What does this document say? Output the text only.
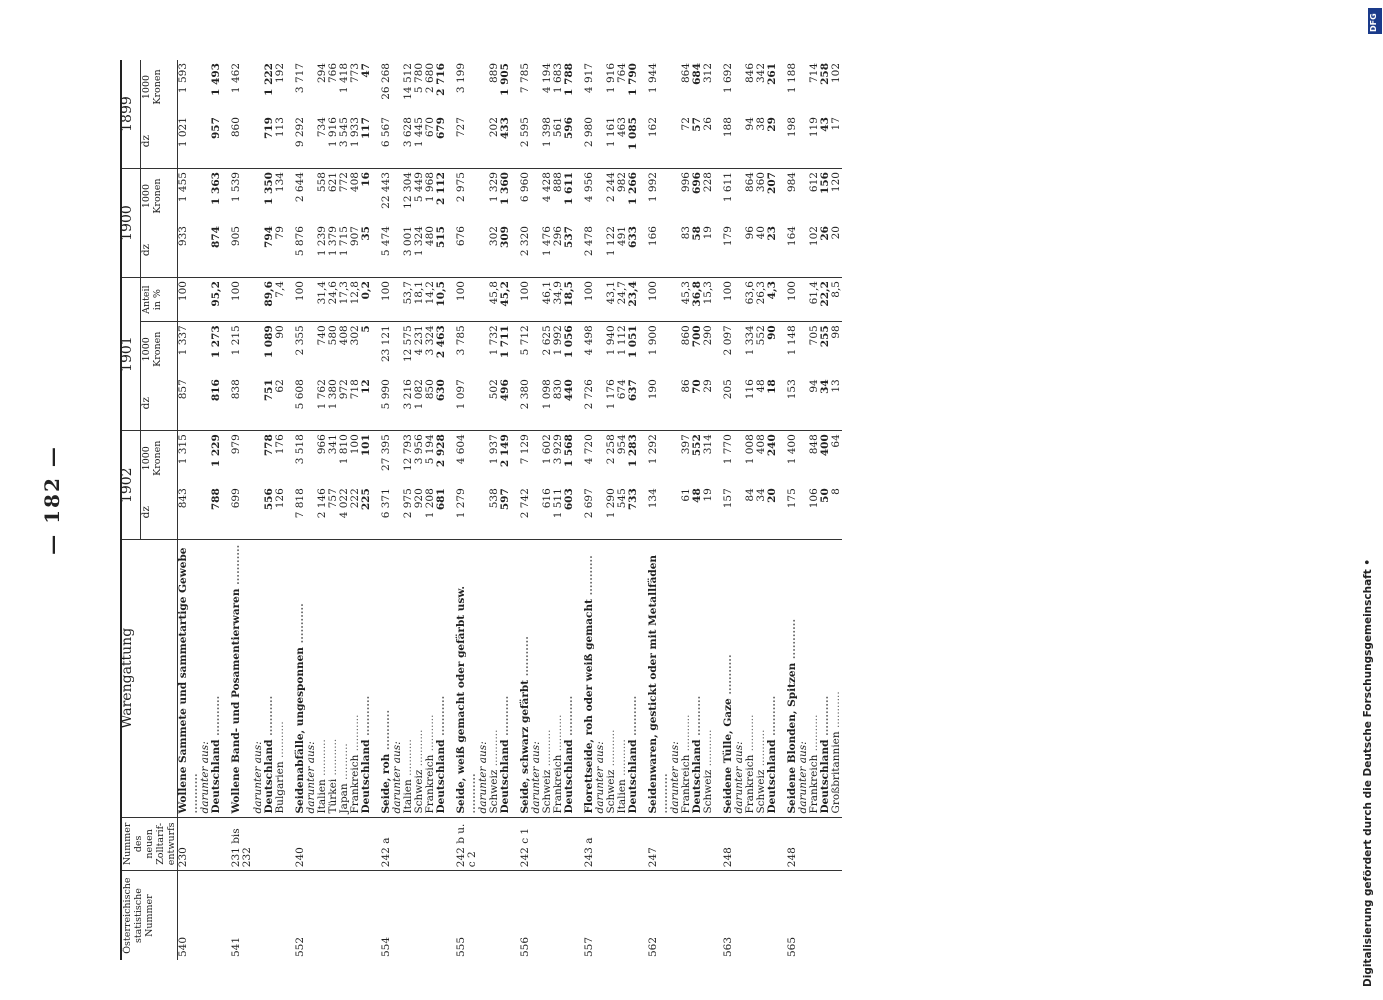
— 182 —
Österreichische statistische Nummer	Nummer des neuen Zolltarif-entwurfs	Warengattung	1902		1901			1900		1899	
			dz	1000 Kronen	dz	1000 Kronen	Anteil in %	dz	1000 Kronen	dz	1000 Kronen
540	230	Wollene Sammete und sammetartige Gewebe .....	843	1 315	857	1 337	100	933	1 455	1 021	1 593
		darunter aus:									
		Deutschland .....	788	1 229	816	1 273	95,2	874	1 363	957	1 493
541	231 bis 232	Wollene Band- und Posamentierwaren .....	699	979	838	1 215	100	905	1 539	860	1 462
		darunter aus:									
		Deutschland .....	556	778	751	1 089	89,6	794	1 350	719	1 222
		Bulgarien .....	126	176	62	90	7,4	79	134	113	192
552	240	Seidenabfälle, ungesponnen .....	7 818	3 518	5 608	2 355	100	5 876	2 644	9 292	3 717
		darunter aus:									
		Italien .....	2 146	966	1 762	740	31,4	1 239	558	734	294
		Türkei .....	757	341	1 380	580	24,6	1 379	621	1 916	766
		Japan .....	4 022	1 810	972	408	17,3	1 715	772	3 545	1 418
		Frankreich .....	222	100	718	302	12,8	907	408	1 933	773
		Deutschland .....	225	101	12	5	0,2	35	16	117	47
554	242 a	Seide, roh .....	6 371	27 395	5 990	23 121	100	5 474	22 443	6 567	26 268
		darunter aus:									
		Italien .....	2 975	12 793	3 216	12 575	53,7	3 001	12 304	3 628	14 512
		Schweiz .....	920	3 956	1 082	4 231	18,1	1 324	5 449	1 445	5 780
		Frankreich .....	1 208	5 194	850	3 324	14,2	480	1 968	670	2 680
		Deutschland .....	681	2 928	630	2 463	10,5	515	2 112	679	2 716
555	242 b u. c 2	Seide, weiß gemacht oder gefärbt usw. .....	1 279	4 604	1 097	3 785	100	676	2 975	727	3 199
		darunter aus:									
		Schweiz .....	538	1 937	502	1 732	45,8	302	1 329	202	889
		Deutschland .....	597	2 149	496	1 711	45,2	309	1 360	433	1 905
556	242 c 1	Seide, schwarz gefärbt .....	2 742	7 129	2 380	5 712	100	2 320	6 960	2 595	7 785
		darunter aus:									
		Schweiz .....	616	1 602	1 098	2 625	46,1	1 476	4 428	1 398	4 194
		Frankreich .....	1 511	3 929	830	1 992	34,9	296	888	561	1 683
		Deutschland .....	603	1 568	440	1 056	18,5	537	1 611	596	1 788
557	243 a	Florettseide, roh oder weiß gemacht .....	2 697	4 720	2 726	4 498	100	2 478	4 956	2 980	4 917
		darunter aus:									
		Schweiz .....	1 290	2 258	1 176	1 940	43,1	1 122	2 244	1 161	1 916
		Italien .....	545	954	674	1 112	24,7	491	982	463	764
		Deutschland .....	733	1 283	637	1 051	23,4	633	1 266	1 085	1 790
562	247	Seidenwaren, gestickt oder mit Metallfäden .....	134	1 292	190	1 900	100	166	1 992	162	1 944
		darunter aus:									
		Frankreich .....	61	397	86	860	45,3	83	996	72	864
		Deutschland .....	48	552	70	700	36,8	58	696	57	684
		Schweiz .....	19	314	29	290	15,3	19	228	26	312
563	248	Seidene Tülle, Gaze .....	157	1 770	205	2 097	100	179	1 611	188	1 692
		darunter aus:									
		Frankreich .....	84	1 008	116	1 334	63,6	96	864	94	846
		Schweiz .....	34	408	48	552	26,3	40	360	38	342
		Deutschland .....	20	240	18	90	4,3	23	207	29	261
565	248	Seidene Blonden, Spitzen .....	175	1 400	153	1 148	100	164	984	198	1 188
		darunter aus:									
		Frankreich .....	106	848	94	705	61,4	102	612	119	714
		Deutschland .....	50	400	34	255	22,2	26	156	43	258
		Großbritannien .....	8	64	13	98	8,5	20	120	17	102
Digitalisierung gefördert durch die Deutsche Forschungsgemeinschaft •
DFG
